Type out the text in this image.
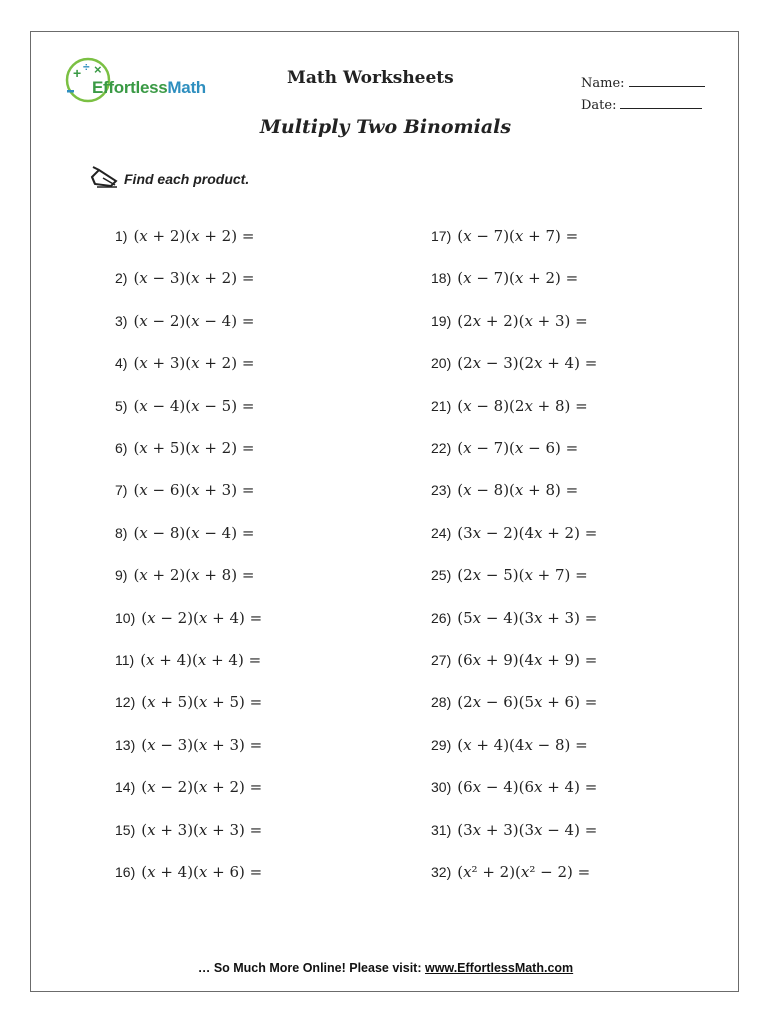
+ ÷ ×
EffortlessMath	Math Worksheets	Name:
Date:
Multiply Two Binomials
Find each product.
1) (𝑥 + 2)(𝑥 + 2) =
2) (𝑥 − 3)(𝑥 + 2) =
3) (𝑥 − 2)(𝑥 − 4) =
4) (𝑥 + 3)(𝑥 + 2) =
5) (𝑥 − 4)(𝑥 − 5) =
6) (𝑥 + 5)(𝑥 + 2) =
7) (𝑥 − 6)(𝑥 + 3) =
8) (𝑥 − 8)(𝑥 − 4) =
9) (𝑥 + 2)(𝑥 + 8) =
10) (𝑥 − 2)(𝑥 + 4) =
11) (𝑥 + 4)(𝑥 + 4) =
12) (𝑥 + 5)(𝑥 + 5) =
13) (𝑥 − 3)(𝑥 + 3) =
14) (𝑥 − 2)(𝑥 + 2) =
15) (𝑥 + 3)(𝑥 + 3) =
16) (𝑥 + 4)(𝑥 + 6) =
17) (𝑥 − 7)(𝑥 + 7) =
18) (𝑥 − 7)(𝑥 + 2) =
19) (2𝑥 + 2)(𝑥 + 3) =
20) (2𝑥 − 3)(2𝑥 + 4) =
21) (𝑥 − 8)(2𝑥 + 8) =
22) (𝑥 − 7)(𝑥 − 6) =
23) (𝑥 − 8)(𝑥 + 8) =
24) (3𝑥 − 2)(4𝑥 + 2) =
25) (2𝑥 − 5)(𝑥 + 7) =
26) (5𝑥 − 4)(3𝑥 + 3) =
27) (6𝑥 + 9)(4𝑥 + 9) =
28) (2𝑥 − 6)(5𝑥 + 6) =
29) (𝑥 + 4)(4𝑥 − 8) =
30) (6𝑥 − 4)(6𝑥 + 4) =
31) (3𝑥 + 3)(3𝑥 − 4) =
32) (𝑥² + 2)(𝑥² − 2) =
… So Much More Online! Please visit: www.EffortlessMath.com
